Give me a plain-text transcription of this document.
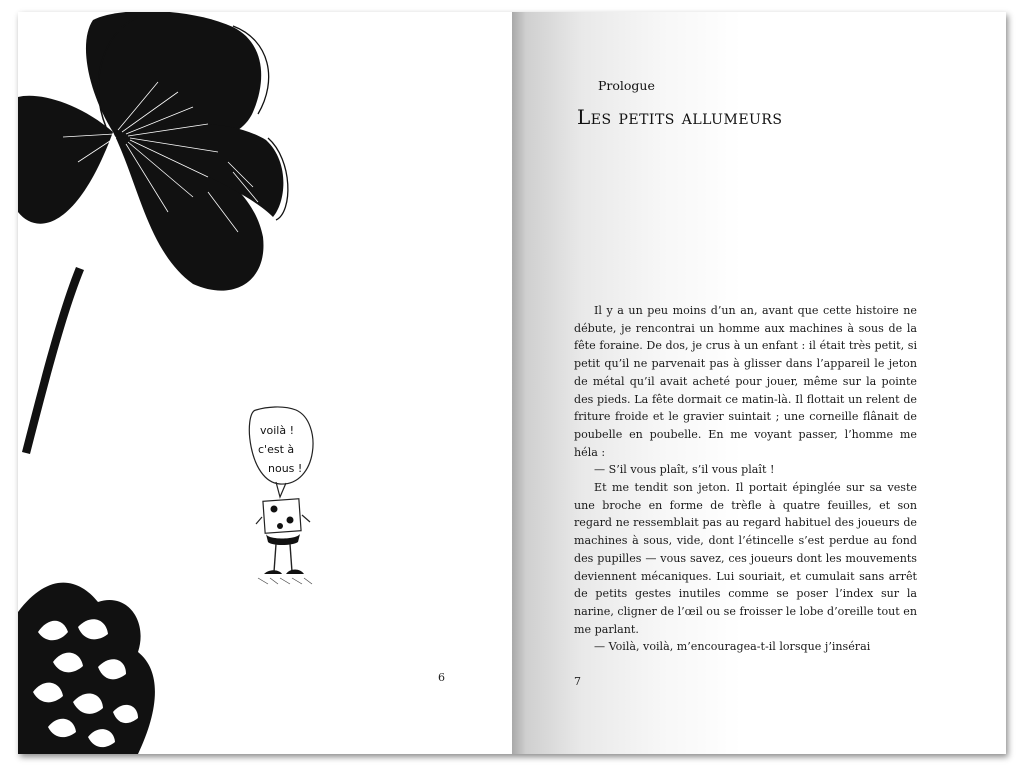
voilà !
c'est à
nous !
6
Prologue
Les petits allumeurs

Il y a un peu moins d’un an, avant que cette histoire ne débute, je rencontrai un homme aux machines à sous de la fête foraine. De dos, je crus à un enfant : il était très petit, si petit qu’il ne parvenait pas à glisser dans l’appareil le jeton de métal qu’il avait acheté pour jouer, même sur la pointe des pieds. La fête dormait ce matin-là. Il flottait un relent de friture froide et le gravier suintait ; une corneille flânait de poubelle en poubelle. En me voyant passer, l’homme me héla :

— S’il vous plaît, s’il vous plaît !

Et me tendit son jeton. Il portait épinglée sur sa veste une broche en forme de trèfle à quatre feuilles, et son regard ne ressemblait pas au regard habituel des joueurs de machines à sous, vide, dont l’étincelle s’est perdue au fond des pupilles — vous savez, ces joueurs dont les mouvements deviennent mécaniques. Lui souriait, et cumulait sans arrêt de petits gestes inutiles comme se poser l’index sur la narine, cligner de l’œil ou se froisser le lobe d’oreille tout en me parlant.

— Voilà, voilà, m’encouragea-t-il lorsque j’insérai

7
